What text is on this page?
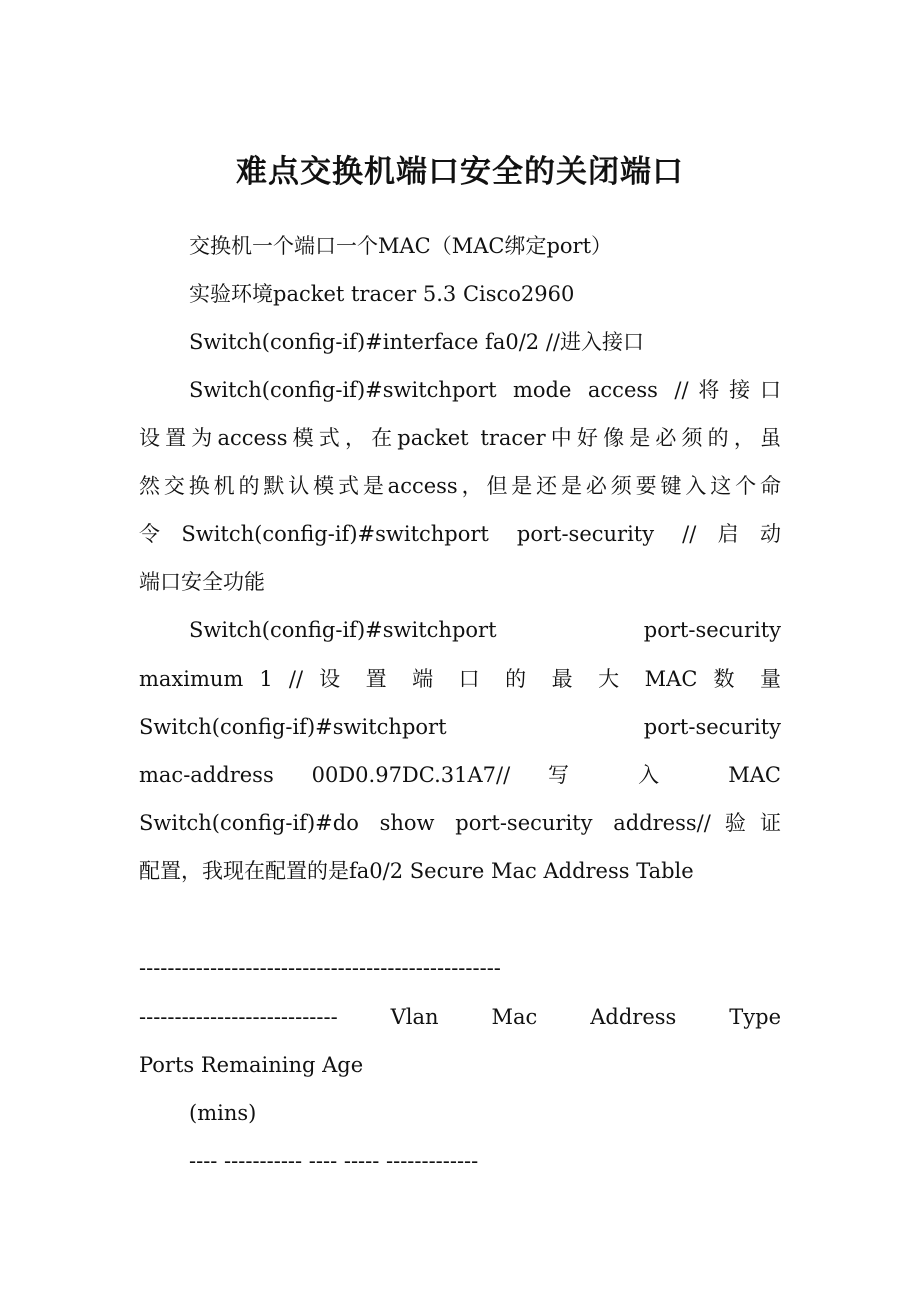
难点交换机端口安全的关闭端口

交换机一个端口一个MAC（MAC绑定port）

实验环境packet tracer 5.3 Cisco2960

Switch(config-if)#interface fa0/2 //进入接口

Switch(config-if)#switchport mode access //将接口

设置为access模式，在packet tracer中好像是必须的，虽

然交换机的默认模式是access，但是还是必须要键入这个命

令Switch(config-if)#switchport port-security //启动

端口安全功能

Switch(config-if)#switchport port-security

maximum 1 // 设 置 端 口 的 最 大 MAC 数 量

Switch(config-if)#switchport port-security

mac-address 00D0.97DC.31A7// 写 入 MAC

Switch(config-if)#do show port-security address//验证

配置，我现在配置的是fa0/2 Secure Mac Address Table

---------------------------------------------------

---------------------------- Vlan Mac Address Type

Ports Remaining Age

(mins)

---- ----------- ---- ----- -------------
